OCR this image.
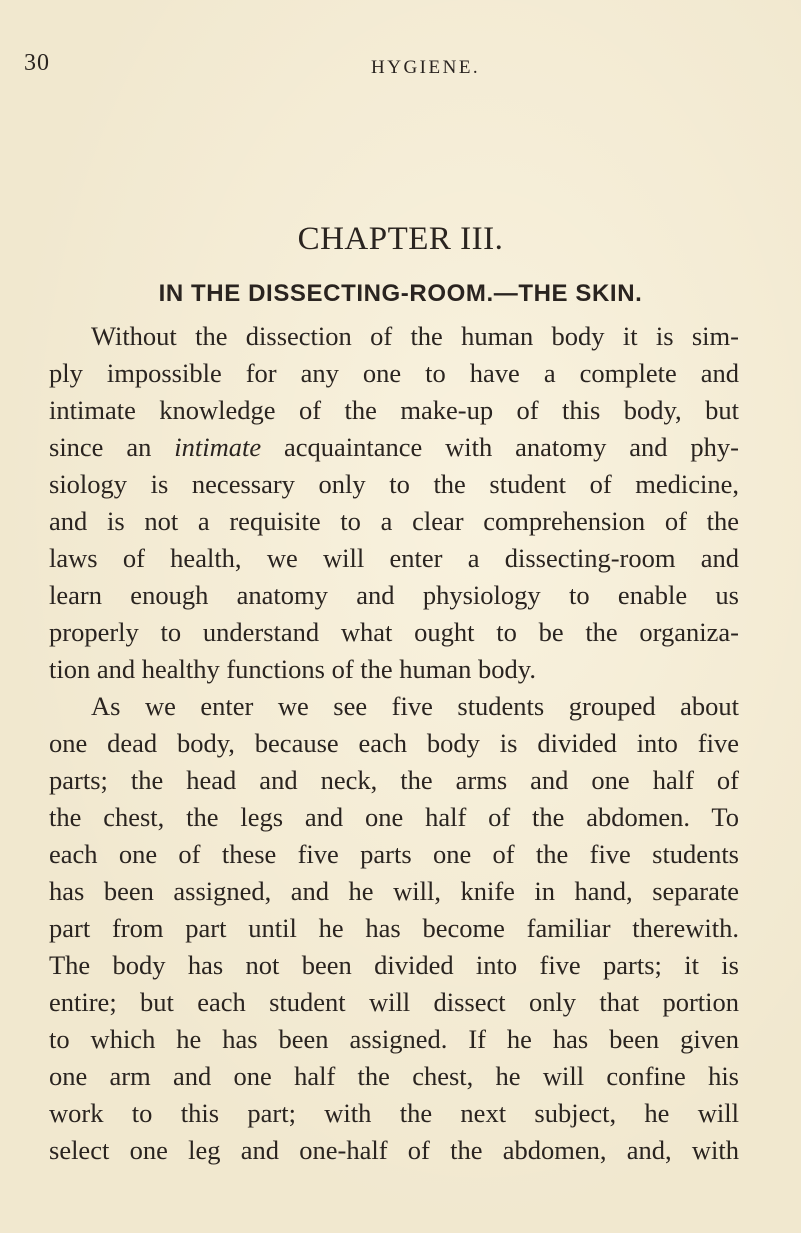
30	HYGIENE.
CHAPTER III.
IN THE DISSECTING-ROOM.—THE SKIN.
Without the dissection of the human body it is sim-
ply impossible for any one to have a complete and
intimate knowledge of the make-up of this body, but
since an intimate acquaintance with anatomy and phy-
siology is necessary only to the student of medicine,
and is not a requisite to a clear comprehension of the
laws of health, we will enter a dissecting-room and
learn enough anatomy and physiology to enable us
properly to understand what ought to be the organiza-
tion and healthy functions of the human body.
As we enter we see five students grouped about
one dead body, because each body is divided into five
parts; the head and neck, the arms and one half of
the chest, the legs and one half of the abdomen. To
each one of these five parts one of the five students
has been assigned, and he will, knife in hand, separate
part from part until he has become familiar therewith.
The body has not been divided into five parts; it is
entire; but each student will dissect only that portion
to which he has been assigned. If he has been given
one arm and one half the chest, he will confine his
work to this part; with the next subject, he will
select one leg and one-half of the abdomen, and, with
